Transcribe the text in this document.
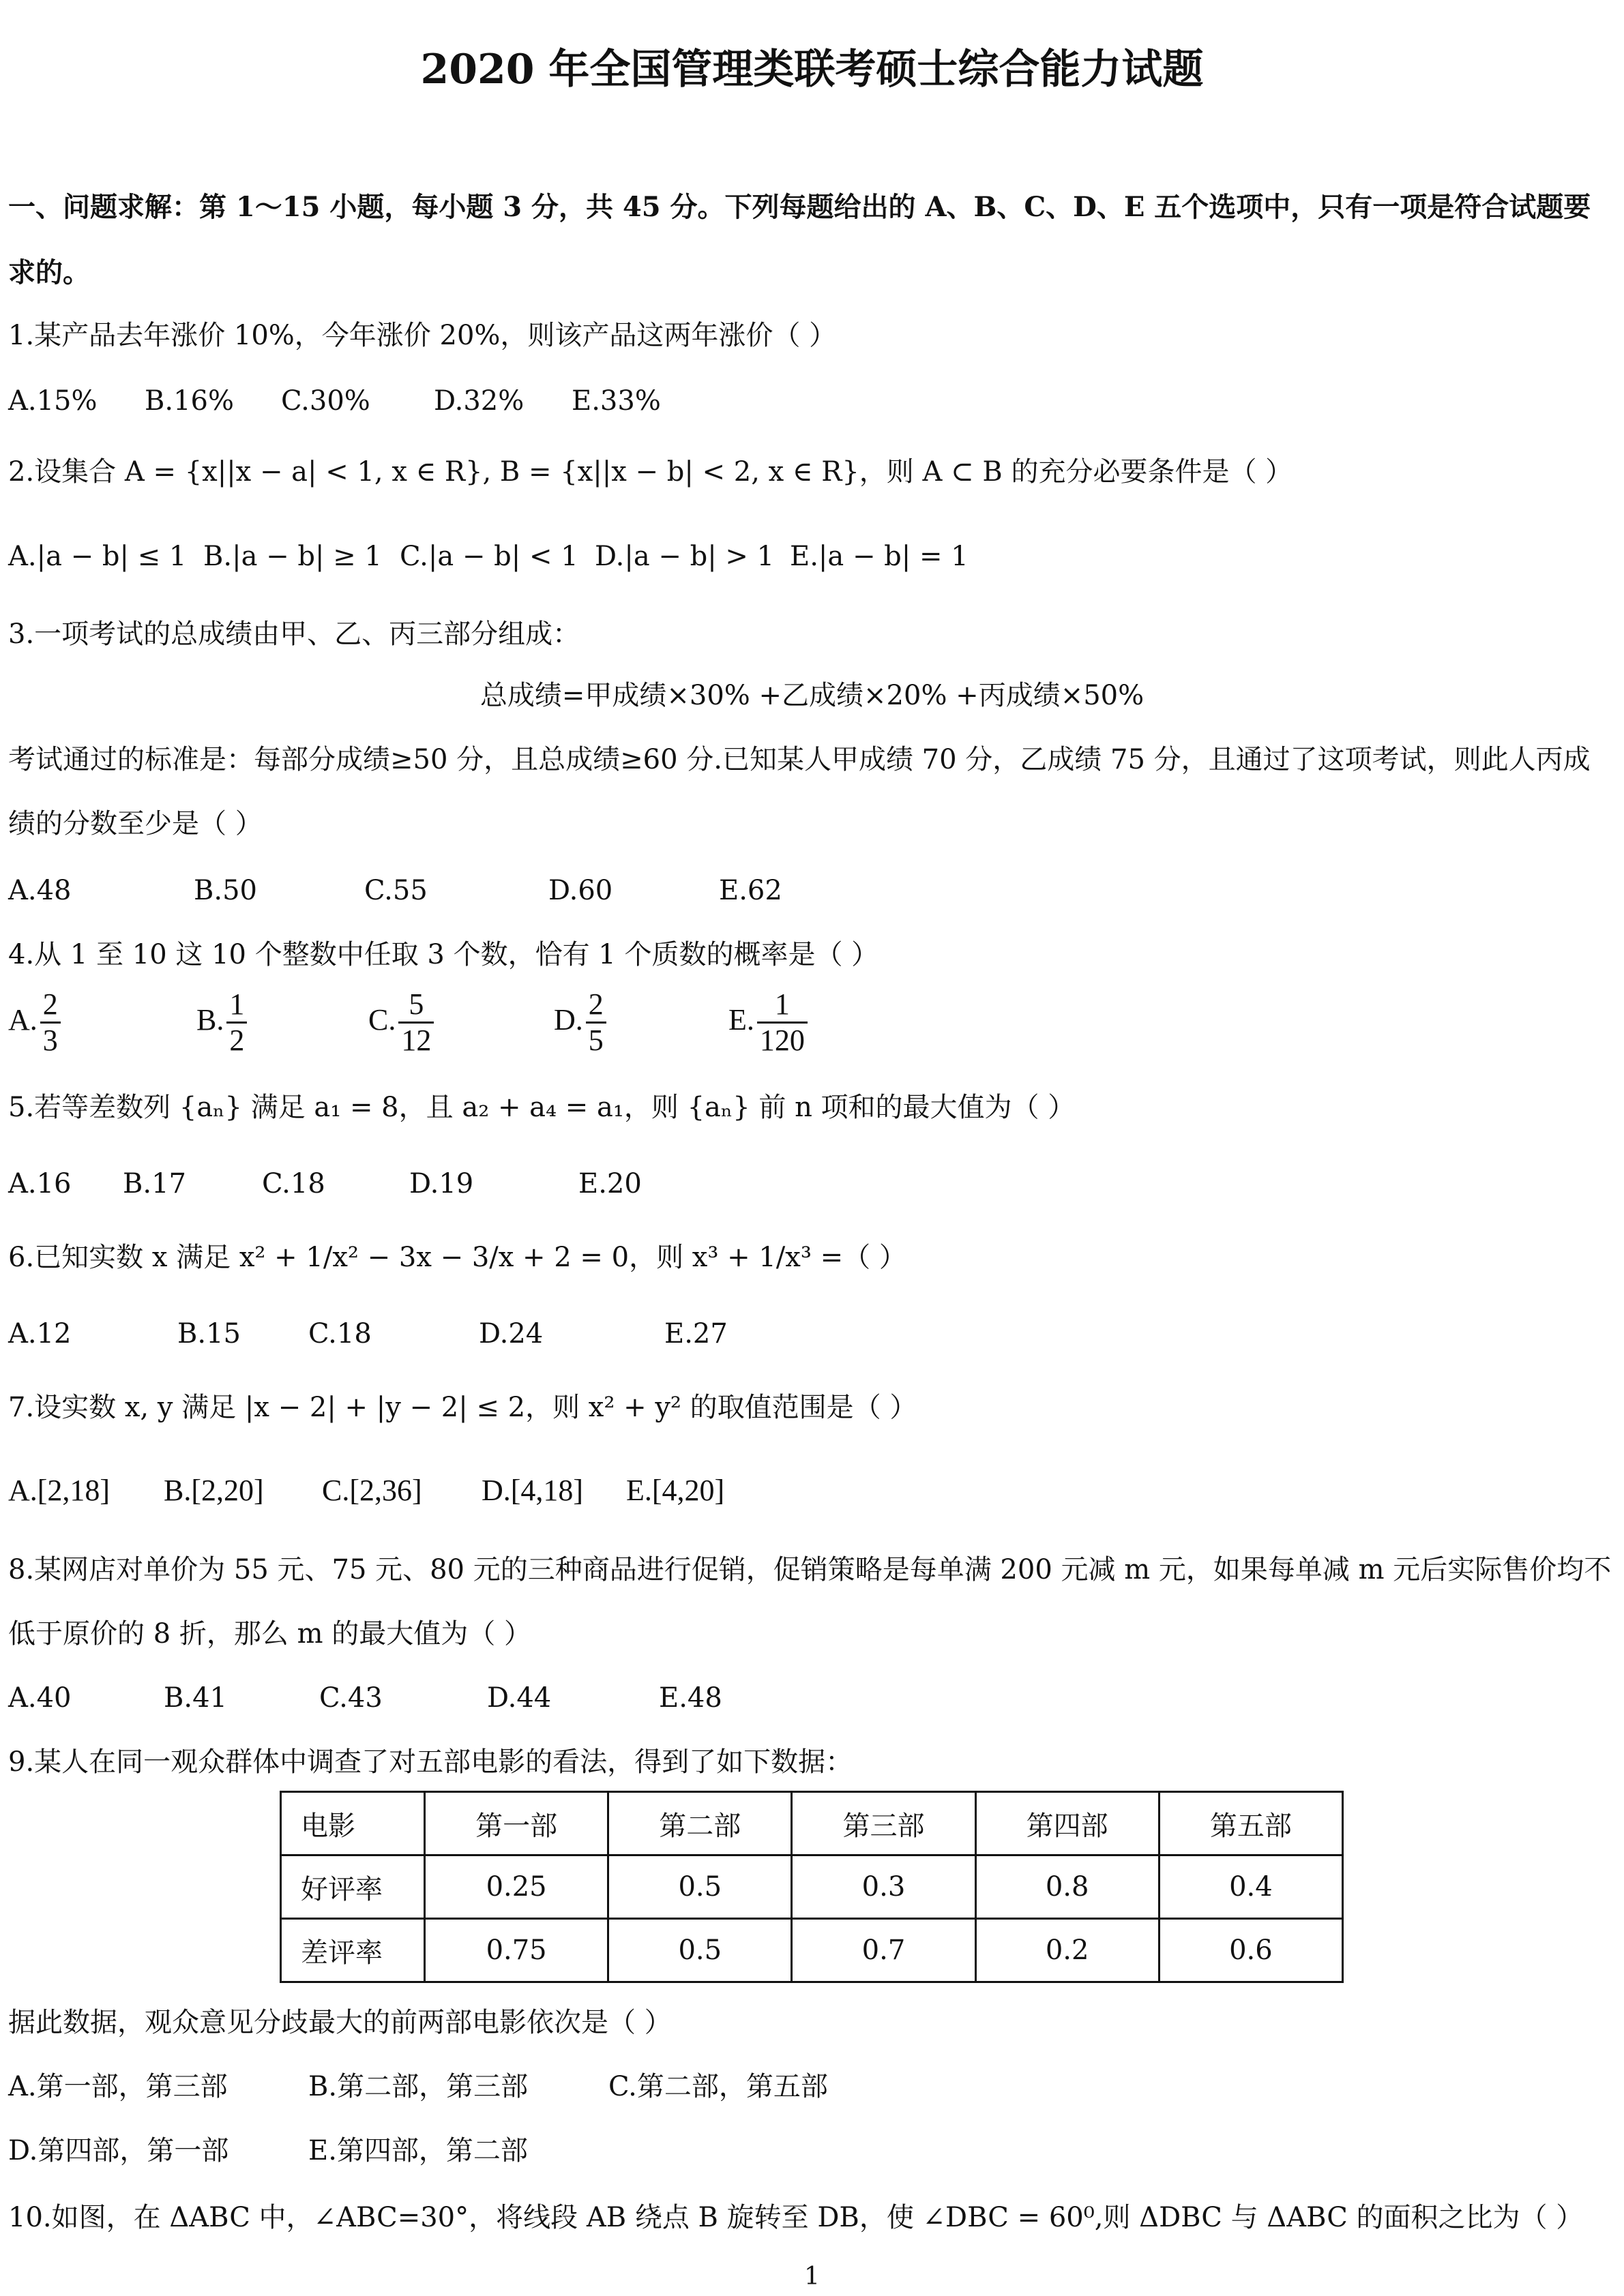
2020 年全国管理类联考硕士综合能力试题
一、问题求解：第 1～15 小题，每小题 3 分，共 45 分。下列每题给出的 A、B、C、D、E 五个选项中，只有一项是符合试题要
求的。
1.某产品去年涨价 10%，今年涨价 20%，则该产品这两年涨价（ ）
A.15% B.16% C.30% D.32% E.33%
2.设集合 A = {x||x − a| < 1, x ∈ R}, B = {x||x − b| < 2, x ∈ R}，则 A ⊂ B 的充分必要条件是（ ）
A.|a − b| ≤ 1 B.|a − b| ≥ 1 C.|a − b| < 1 D.|a − b| > 1 E.|a − b| = 1
3.一项考试的总成绩由甲、乙、丙三部分组成：
总成绩=甲成绩×30% +乙成绩×20% +丙成绩×50%
考试通过的标准是：每部分成绩≥50 分，且总成绩≥60 分.已知某人甲成绩 70 分，乙成绩 75 分，且通过了这项考试，则此人丙成
绩的分数至少是（ ）
A.48	B.50	C.55	D.60	E.62
4.从 1 至 10 这 10 个整数中任取 3 个数，恰有 1 个质数的概率是（ ）
A. $\frac{2}{3}$	B. $\frac{1}{2}$	C. $\frac{5}{12}$	D. $\frac{2}{5}$	E. $\frac{1}{120}$
5.若等差数列 {aₙ} 满足 a₁ = 8，且 a₂ + a₄ = a₁，则 {aₙ} 前 n 项和的最大值为（ ）
A.16 B.17	C.18	D.19	E.20
6.已知实数 x 满足 x² + 1/x² − 3x − 3/x + 2 = 0，则 x³ + 1/x³ =（ ）
A.12	B.15 C.18	D.24	E.27
7.设实数 x, y 满足 |x − 2| + |y − 2| ≤ 2，则 x² + y² 的取值范围是（ ）
A.[2,18] B.[2,20] C.[2,36] D.[4,18] E.[4,20]
8.某网店对单价为 55 元、75 元、80 元的三种商品进行促销，促销策略是每单满 200 元减 m 元，如果每单减 m 元后实际售价均不
低于原价的 8 折，那么 m 的最大值为（ ）
A.40	B.41	C.43	D.44	E.48
9.某人在同一观众群体中调查了对五部电影的看法，得到了如下数据：
电影	第一部	第二部	第三部	第四部	第五部
好评率	0.25	0.5	0.3	0.8	0.4
差评率	0.75	0.5	0.7	0.2	0.6
据此数据，观众意见分歧最大的前两部电影依次是（ ）
A.第一部，第三部	B.第二部，第三部	C.第二部，第五部
D.第四部，第一部	E.第四部，第二部
10.如图，在 ΔABC 中，∠ABC=30°，将线段 AB 绕点 B 旋转至 DB，使 ∠DBC = 60⁰,则 ΔDBC 与 ΔABC 的面积之比为（ ）
1
